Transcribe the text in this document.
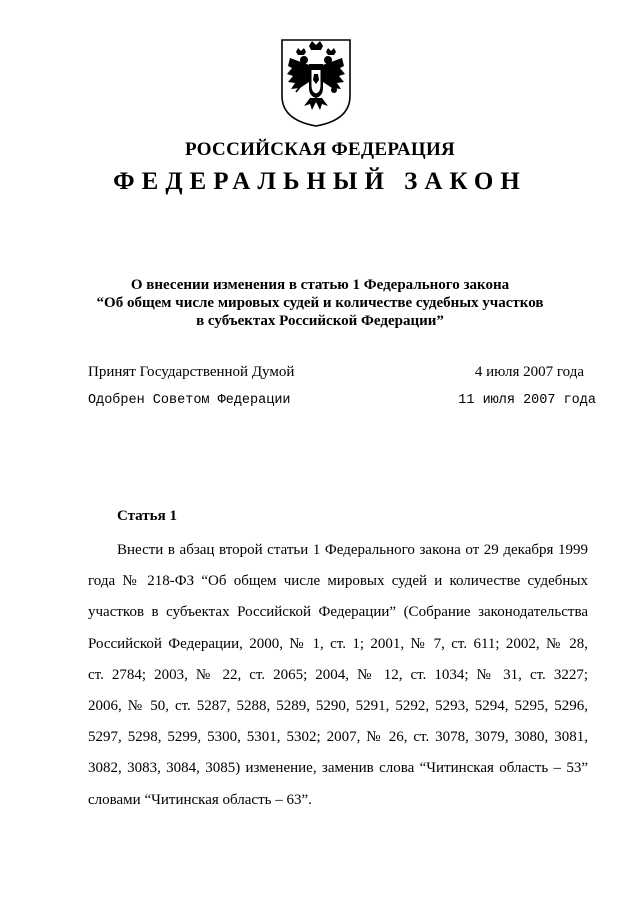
РОССИЙСКАЯ ФЕДЕРАЦИЯ
ФЕДЕРАЛЬНЫЙ ЗАКОН
О внесении изменения в статью 1 Федерального закона
“Об общем числе мировых судей и количестве судебных участков
в субъектах Российской Федерации”
Принят Государственной Думой	4 июля 2007 года
Одобрен Советом Федерации	11 июля 2007 года
Статья 1
Внести в абзац второй статьи 1 Федерального закона от 29 декабря 1999
года № 218-ФЗ “Об общем числе мировых судей и количестве судебных
участков в субъектах Российской Федерации” (Собрание законодательства
Российской Федерации, 2000, № 1, ст. 1; 2001, № 7, ст. 611; 2002, № 28,
ст. 2784; 2003, № 22, ст. 2065; 2004, № 12, ст. 1034; № 31, ст. 3227;
2006, № 50, ст. 5287, 5288, 5289, 5290, 5291, 5292, 5293, 5294, 5295, 5296,
5297, 5298, 5299, 5300, 5301, 5302; 2007, № 26, ст. 3078, 3079, 3080, 3081,
3082, 3083, 3084, 3085) изменение, заменив слова “Читинская область – 53”
словами “Читинская область – 63”.
